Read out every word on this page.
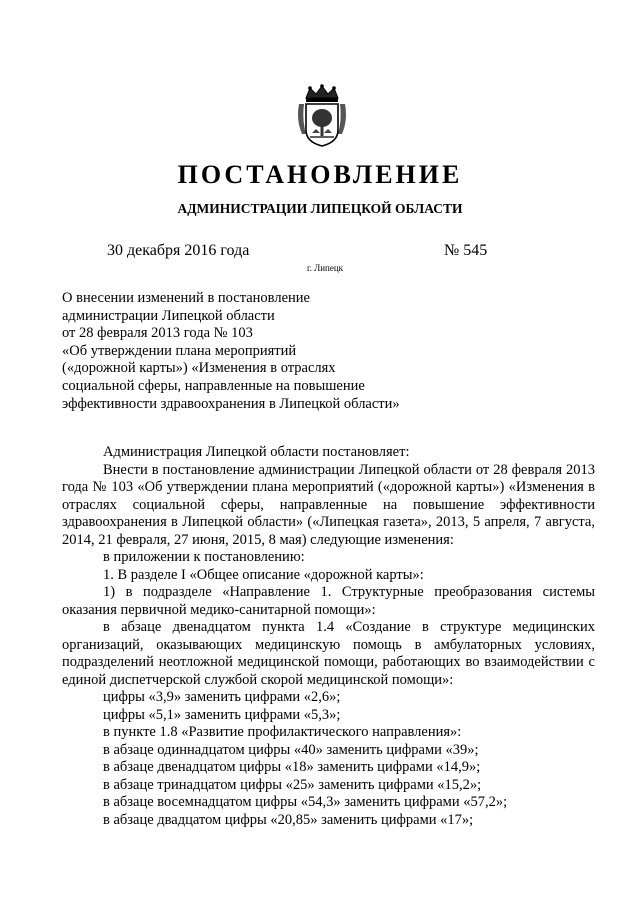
ПОСТАНОВЛЕНИЕ
АДМИНИСТРАЦИИ ЛИПЕЦКОЙ ОБЛАСТИ
30 декабря 2016 года	№ 545
г. Липецк
О внесении изменений в постановление
администрации Липецкой области
от 28 февраля 2013 года № 103
«Об утверждении плана мероприятий
(«дорожной карты») «Изменения в отраслях
социальной сферы, направленные на повышение
эффективности здравоохранения в Липецкой области»

Администрация Липецкой области постановляет:

Внести в постановление администрации Липецкой области от 28 февраля 2013 года № 103 «Об утверждении плана мероприятий («дорожной карты») «Изменения в отраслях социальной сферы, направленные на повышение эффективности здравоохранения в Липецкой области» («Липецкая газета», 2013, 5 апреля, 7 августа, 2014, 21 февраля, 27 июня, 2015, 8 мая) следующие изменения:

в приложении к постановлению:

1. В разделе I «Общее описание «дорожной карты»:

1) в подразделе «Направление 1. Структурные преобразования системы оказания первичной медико-санитарной помощи»:

в абзаце двенадцатом пункта 1.4 «Создание в структуре медицинских организаций, оказывающих медицинскую помощь в амбулаторных условиях, подразделений неотложной медицинской помощи, работающих во взаимодействии с единой диспетчерской службой скорой медицинской помощи»:

цифры «3,9» заменить цифрами «2,6»;

цифры «5,1» заменить цифрами «5,3»;

в пункте 1.8 «Развитие профилактического направления»:

в абзаце одиннадцатом цифры «40» заменить цифрами «39»;

в абзаце двенадцатом цифры «18» заменить цифрами «14,9»;

в абзаце тринадцатом цифры «25» заменить цифрами «15,2»;

в абзаце восемнадцатом цифры «54,3» заменить цифрами «57,2»;

в абзаце двадцатом цифры «20,85» заменить цифрами «17»;
